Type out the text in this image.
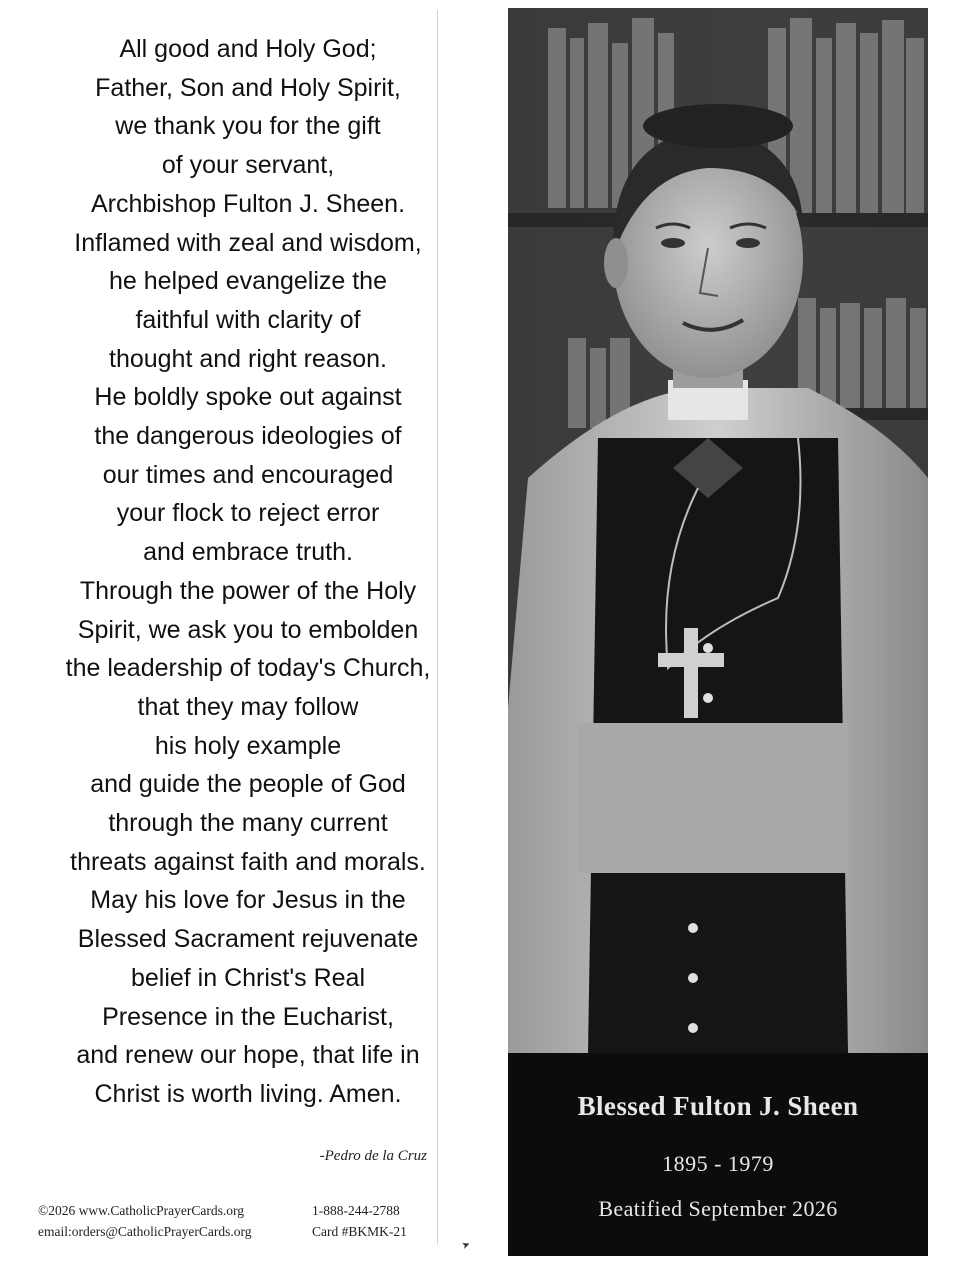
All good and Holy God;
Father, Son and Holy Spirit,
we thank you for the gift
of your servant,
Archbishop Fulton J. Sheen.
Inflamed with zeal and wisdom,
he helped evangelize the
faithful with clarity of
thought and right reason.
He boldly spoke out against
the dangerous ideologies of
our times and encouraged
your flock to reject error
and embrace truth.
Through the power of the Holy
Spirit, we ask you to embolden
the leadership of today's Church,
that they may follow
his holy example
and guide the people of God
through the many current
threats against faith and morals.
May his love for Jesus in the
Blessed Sacrament rejuvenate
belief in Christ's Real
Presence in the Eucharist,
and renew our hope, that life in
Christ is worth living. Amen.
-Pedro de la Cruz
©2026 www.CatholicPrayerCards.org
email:orders@CatholicPrayerCards.org
1-888-244-2788
Card #BKMK-21
Blessed Fulton J. Sheen
1895 - 1979
Beatified September 2026
➤
